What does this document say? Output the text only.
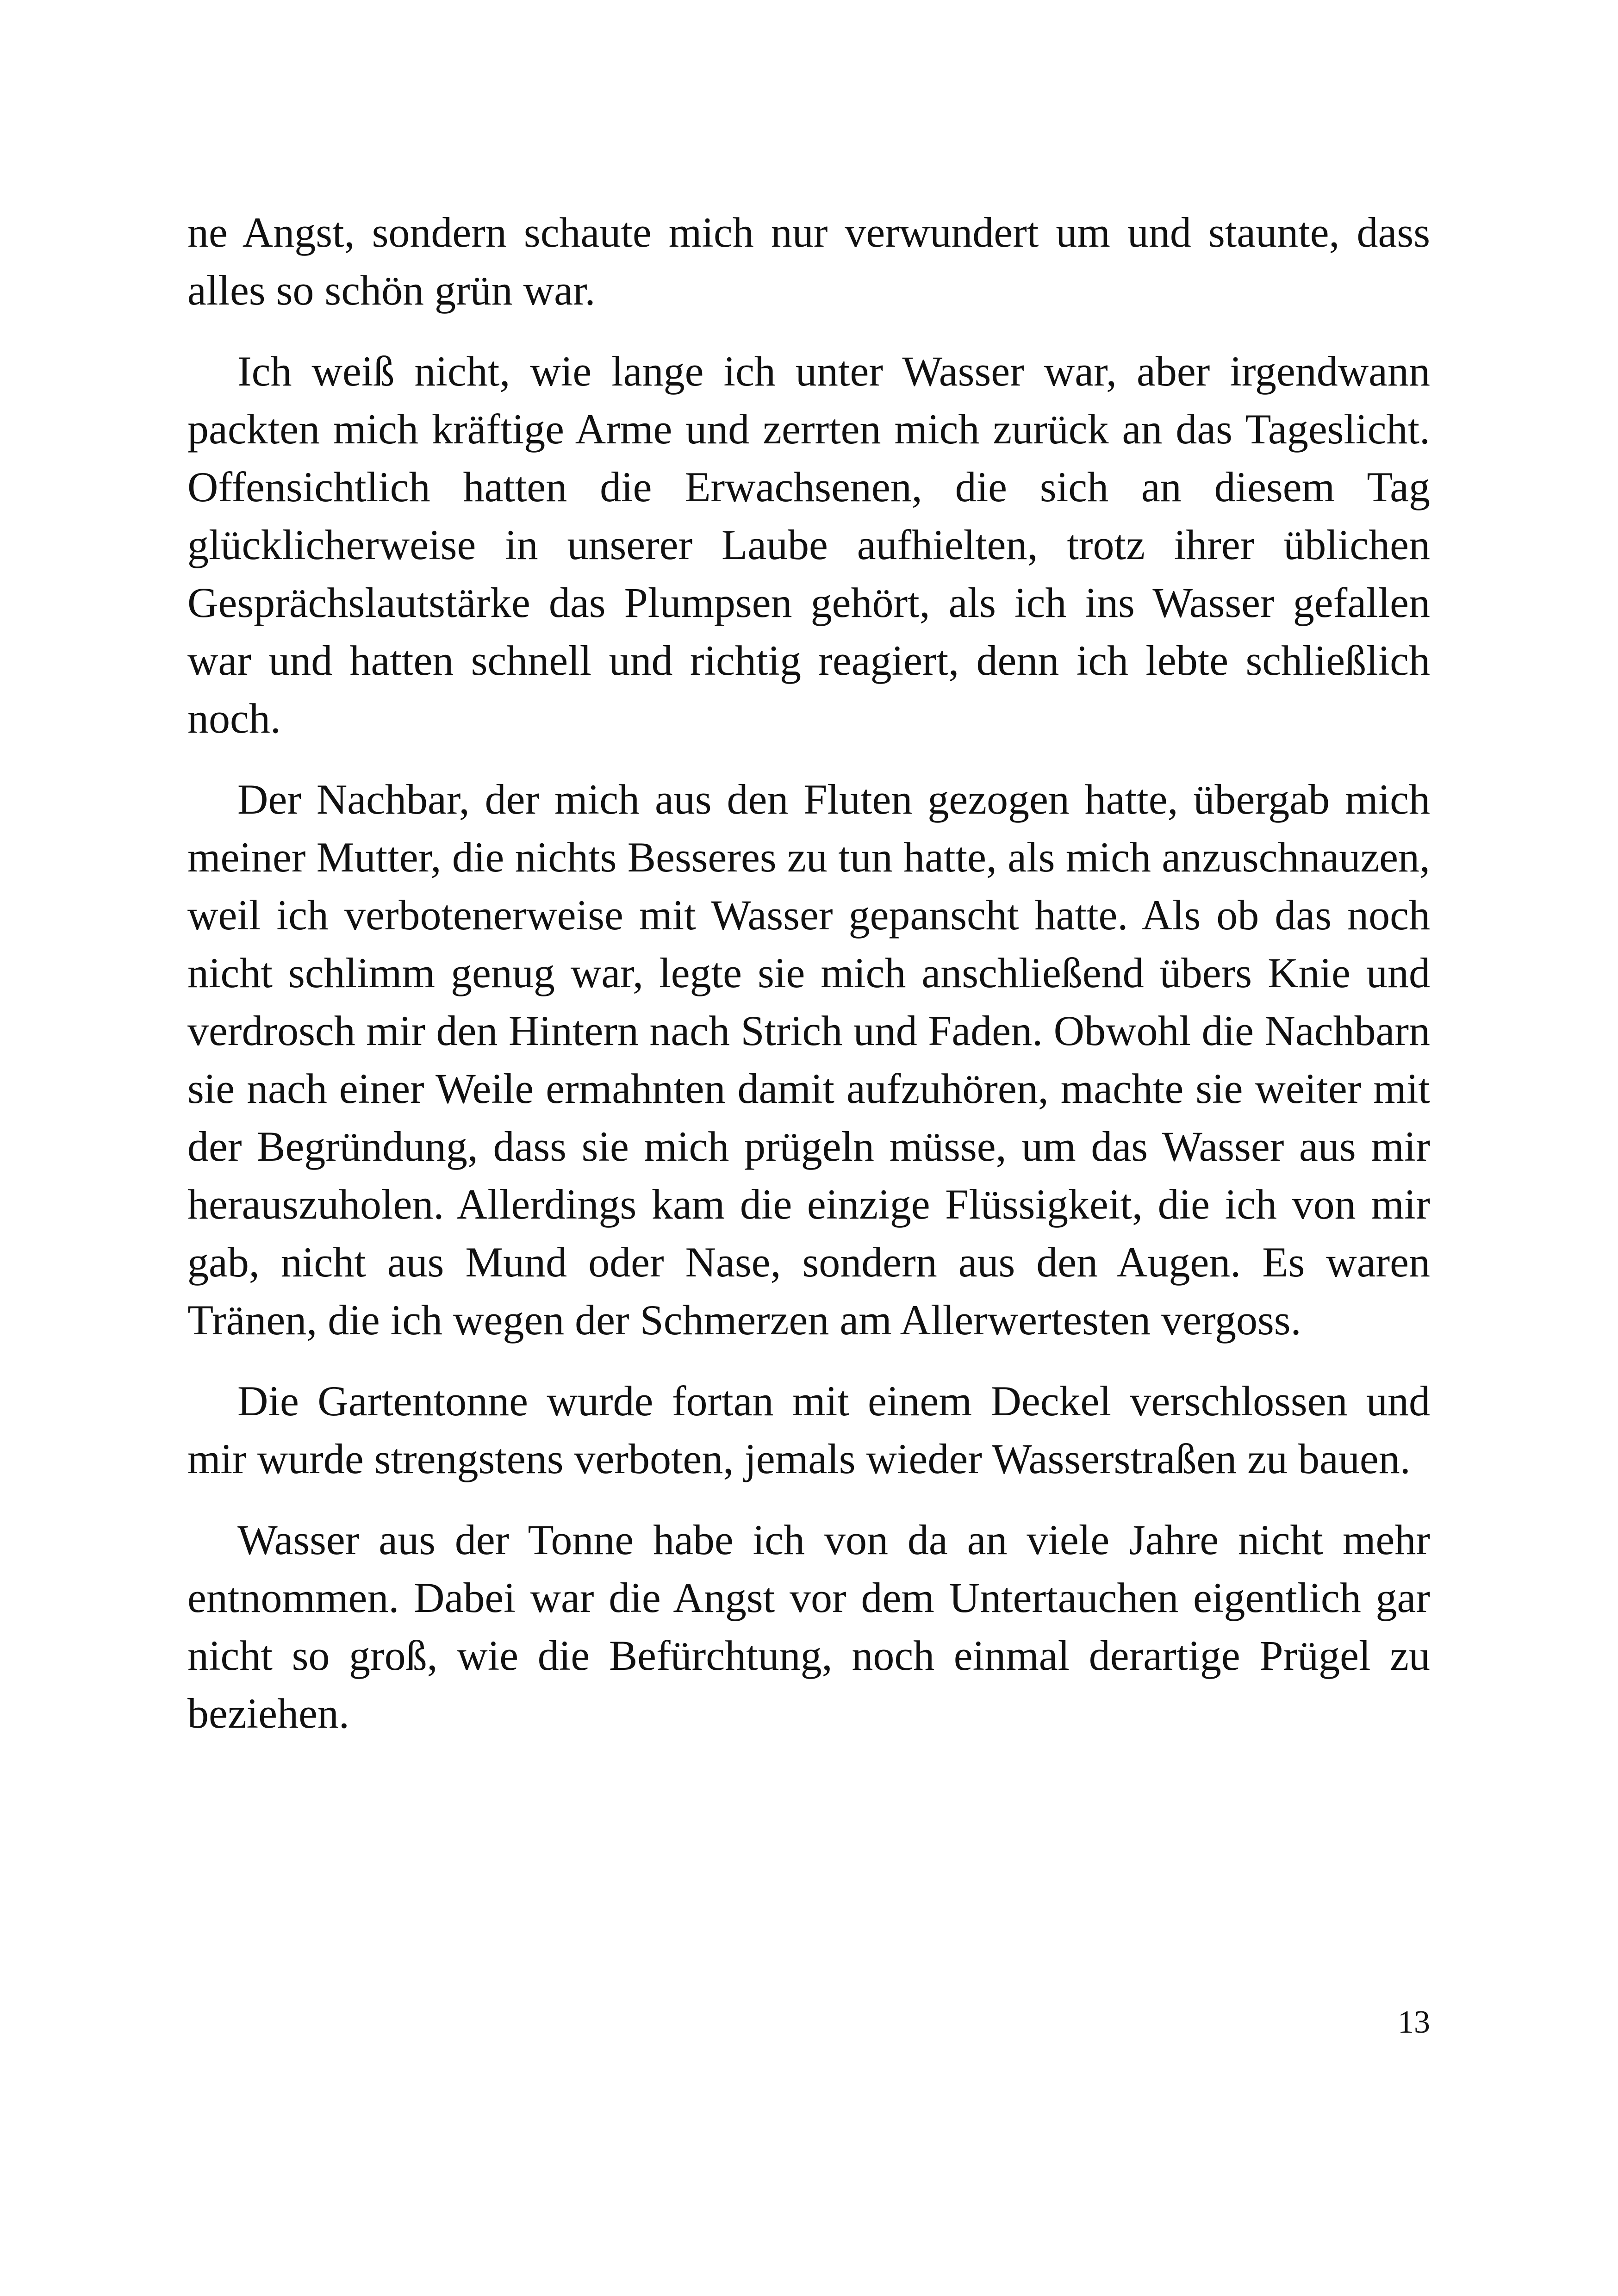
ne Angst, sondern schaute mich nur verwundert um und staunte, dass alles so schön grün war.

Ich weiß nicht, wie lange ich unter Wasser war, aber irgendwann packten mich kräftige Arme und zerrten mich zurück an das Tageslicht. Offensichtlich hatten die Erwachsenen, die sich an diesem Tag glücklicherweise in unserer Laube aufhielten, trotz ihrer üblichen Gesprächslautstärke das Plumpsen gehört, als ich ins Wasser gefallen war und hatten schnell und richtig reagiert, denn ich lebte schließlich noch.

Der Nachbar, der mich aus den Fluten gezogen hatte, übergab mich meiner Mutter, die nichts Besseres zu tun hatte, als mich anzuschnauzen, weil ich verbotenerweise mit Wasser gepanscht hatte. Als ob das noch nicht schlimm genug war, legte sie mich anschließend übers Knie und verdrosch mir den Hintern nach Strich und Faden. Obwohl die Nachbarn sie nach einer Weile ermahnten damit aufzuhören, machte sie weiter mit der Begründung, dass sie mich prügeln müsse, um das Wasser aus mir herauszuholen. Allerdings kam die einzige Flüssigkeit, die ich von mir gab, nicht aus Mund oder Nase, sondern aus den Augen. Es waren Tränen, die ich wegen der Schmerzen am Allerwertesten vergoss.

Die Gartentonne wurde fortan mit einem Deckel verschlossen und mir wurde strengstens verboten, jemals wieder Wasserstraßen zu bauen.

Wasser aus der Tonne habe ich von da an viele Jahre nicht mehr entnommen. Dabei war die Angst vor dem Untertauchen eigentlich gar nicht so groß, wie die Befürchtung, noch einmal derartige Prügel zu beziehen.

13
